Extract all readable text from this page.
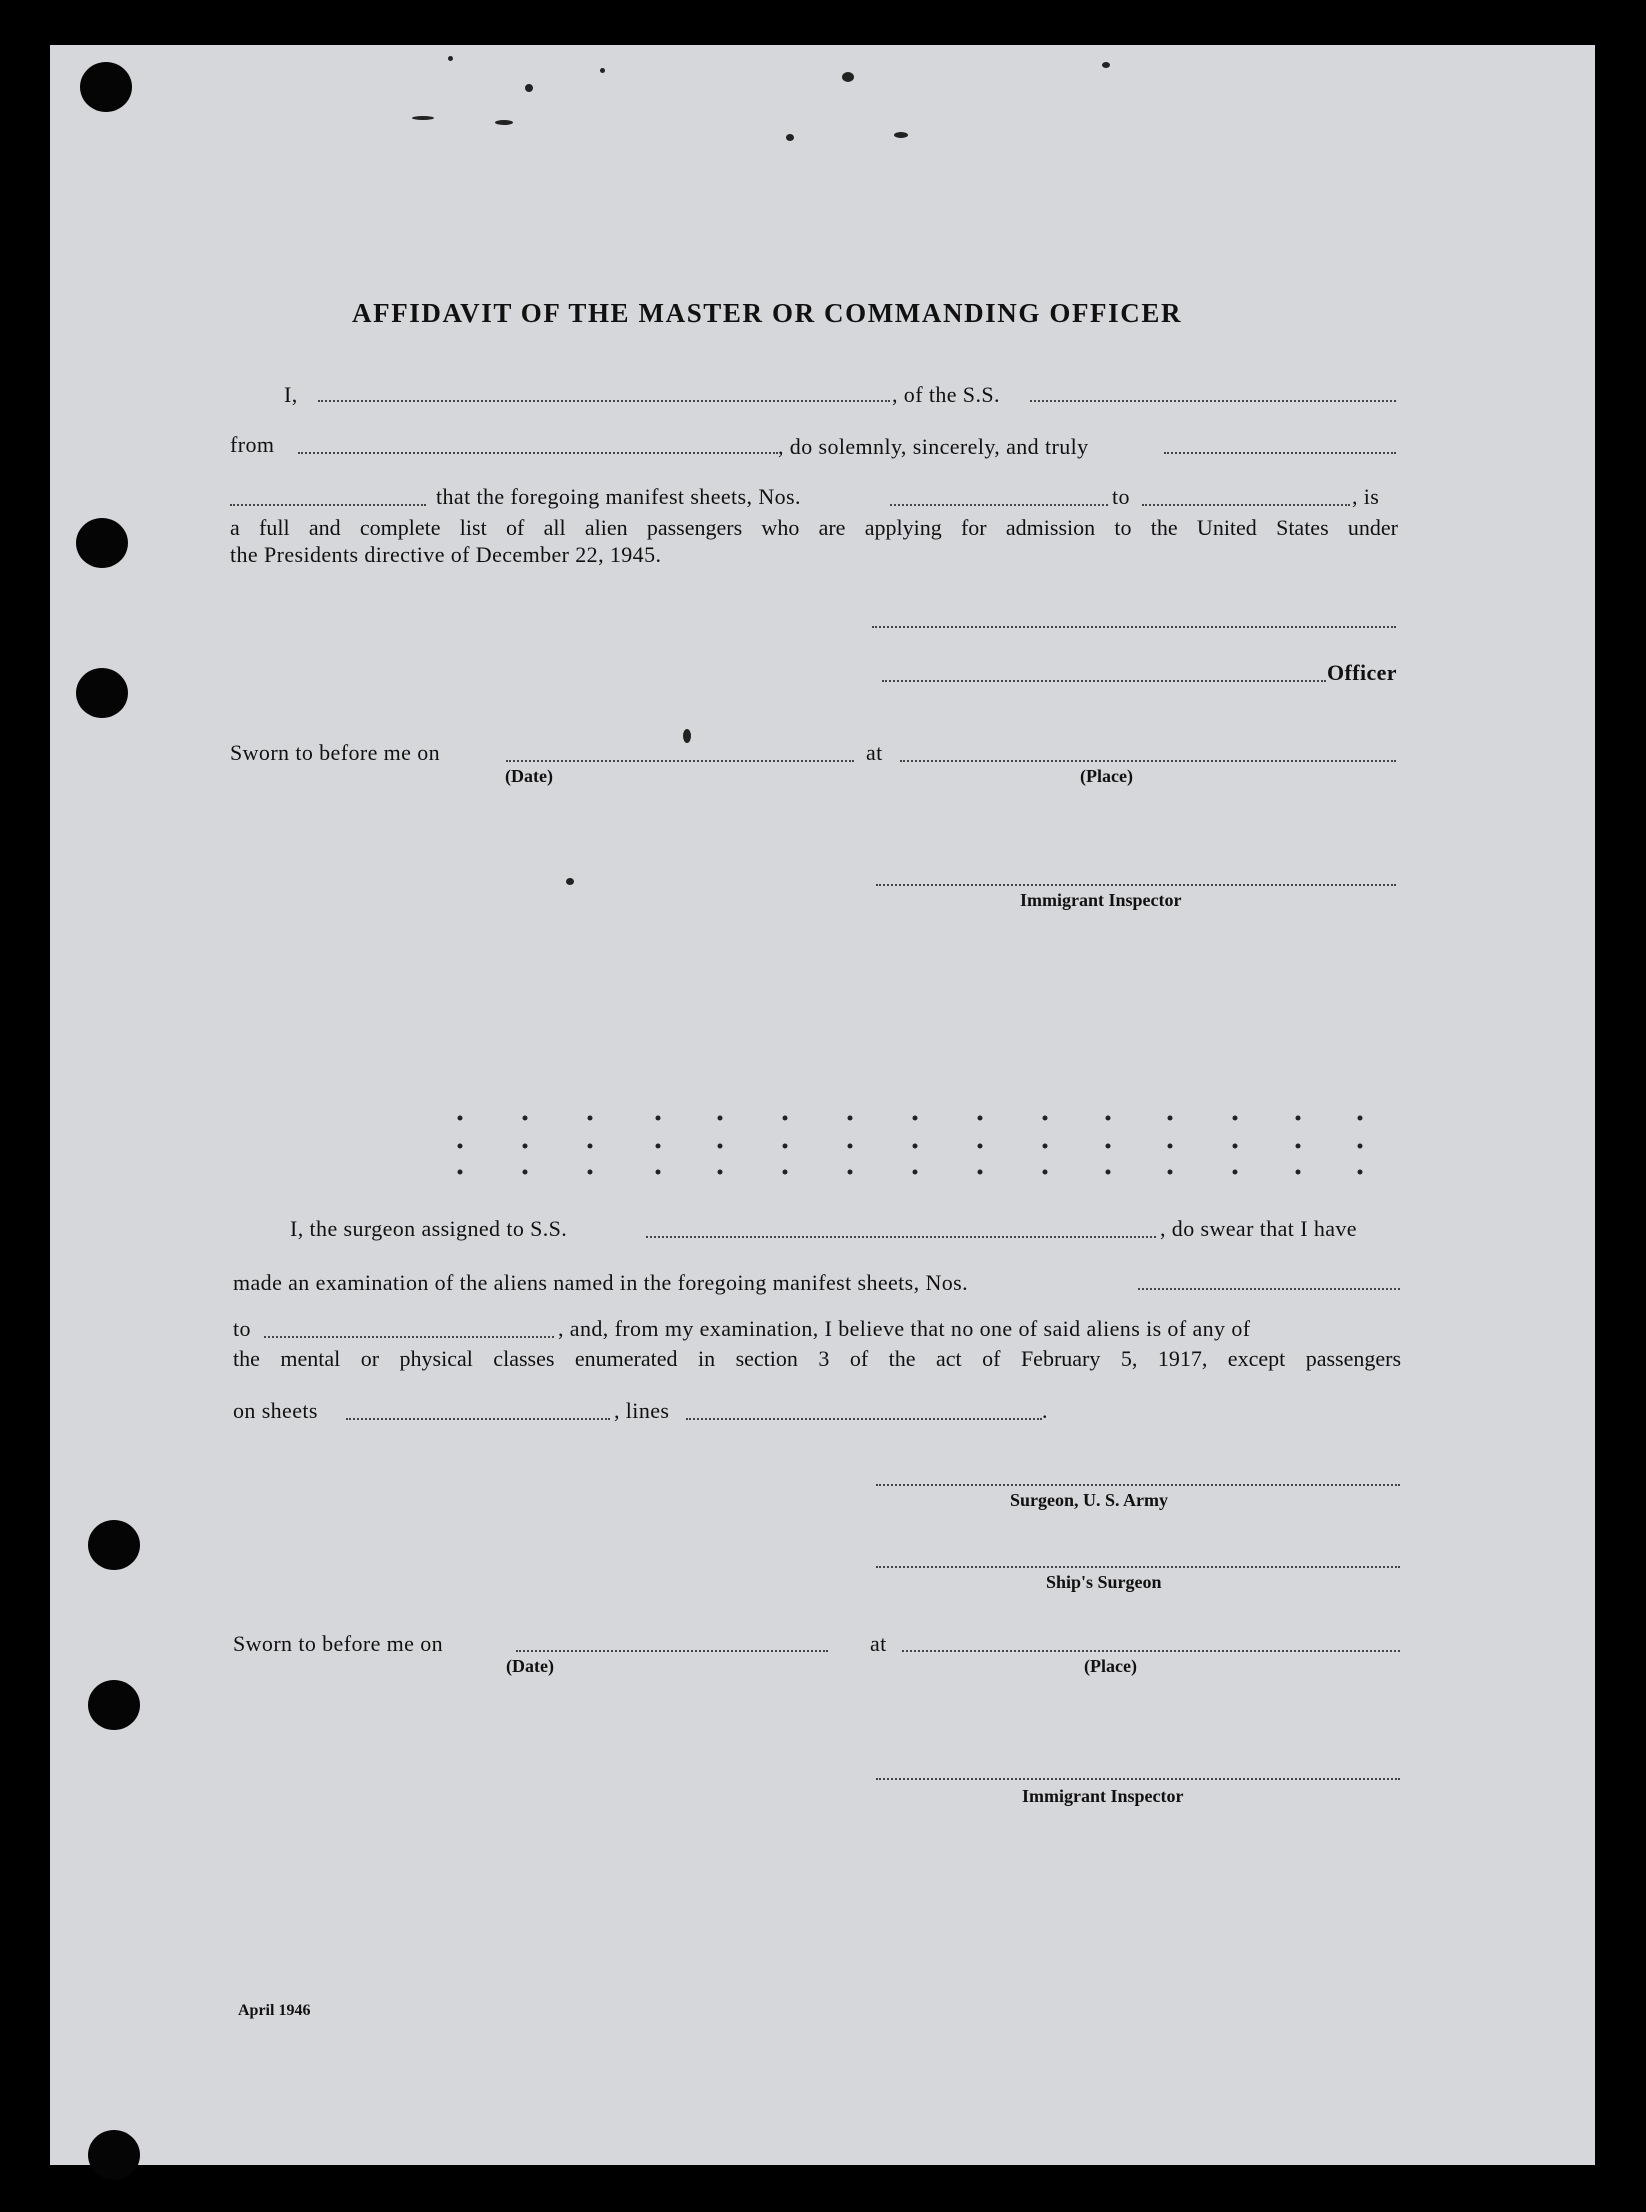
AFFIDAVIT OF THE MASTER OR COMMANDING OFFICER
I,	, of the S.S.
from	, do solemnly, sincerely, and truly
that the foregoing manifest sheets, Nos.	to	, is
a full and complete list of all alien passengers who are applying for admission to the United States under
the Presidents directive of December 22, 1945.
Officer
Sworn to before me on	at
(Date)	(Place)
Immigrant Inspector
I, the surgeon assigned to S.S.	, do swear that I have
made an examination of the aliens named in the foregoing manifest sheets, Nos.
to	, and, from my examination, I believe that no one of said aliens is of any of
the mental or physical classes enumerated in section 3 of the act of February 5, 1917, except passengers
on sheets	, lines	.
Surgeon, U. S. Army
Ship's Surgeon
Sworn to before me on	at
(Date)	(Place)
Immigrant Inspector
April 1946
